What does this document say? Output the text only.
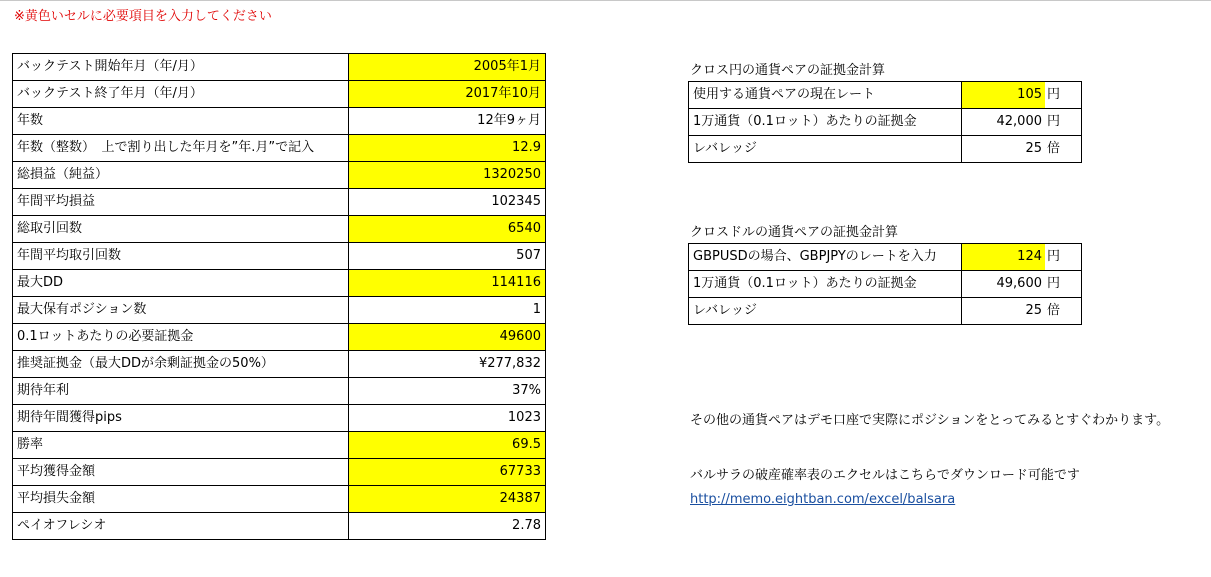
※黄色いセルに必要項目を入力してください
バックテスト開始年月（年/月）	2005年1月
バックテスト終了年月（年/月）	2017年10月
年数	12年9ヶ月
年数（整数）　上で割り出した年月を”年.月”で記入	12.9
総損益（純益）	1320250
年間平均損益	102345
総取引回数	6540
年間平均取引回数	507
最大DD	114116
最大保有ポジション数	1
0.1ロットあたりの必要証拠金	49600
推奨証拠金（最大DDが余剰証拠金の50%）	¥277,832
期待年利	37%
期待年間獲得pips	1023
勝率	69.5
平均獲得金額	67733
平均損失金額	24387
ペイオフレシオ	2.78
クロス円の通貨ペアの証拠金計算
使用する通貨ペアの現在レート	105 円

1万通貨（0.1ロット）あたりの証拠金	42,000 円

レバレッジ	25 倍
クロスドルの通貨ペアの証拠金計算
GBPUSDの場合、GBPJPYのレートを入力	124 円

1万通貨（0.1ロット）あたりの証拠金	49,600 円

レバレッジ	25 倍
その他の通貨ペアはデモ口座で実際にポジションをとってみるとすぐわかります。
バルサラの破産確率表のエクセルはこちらでダウンロード可能です
http://memo.eightban.com/excel/balsara
